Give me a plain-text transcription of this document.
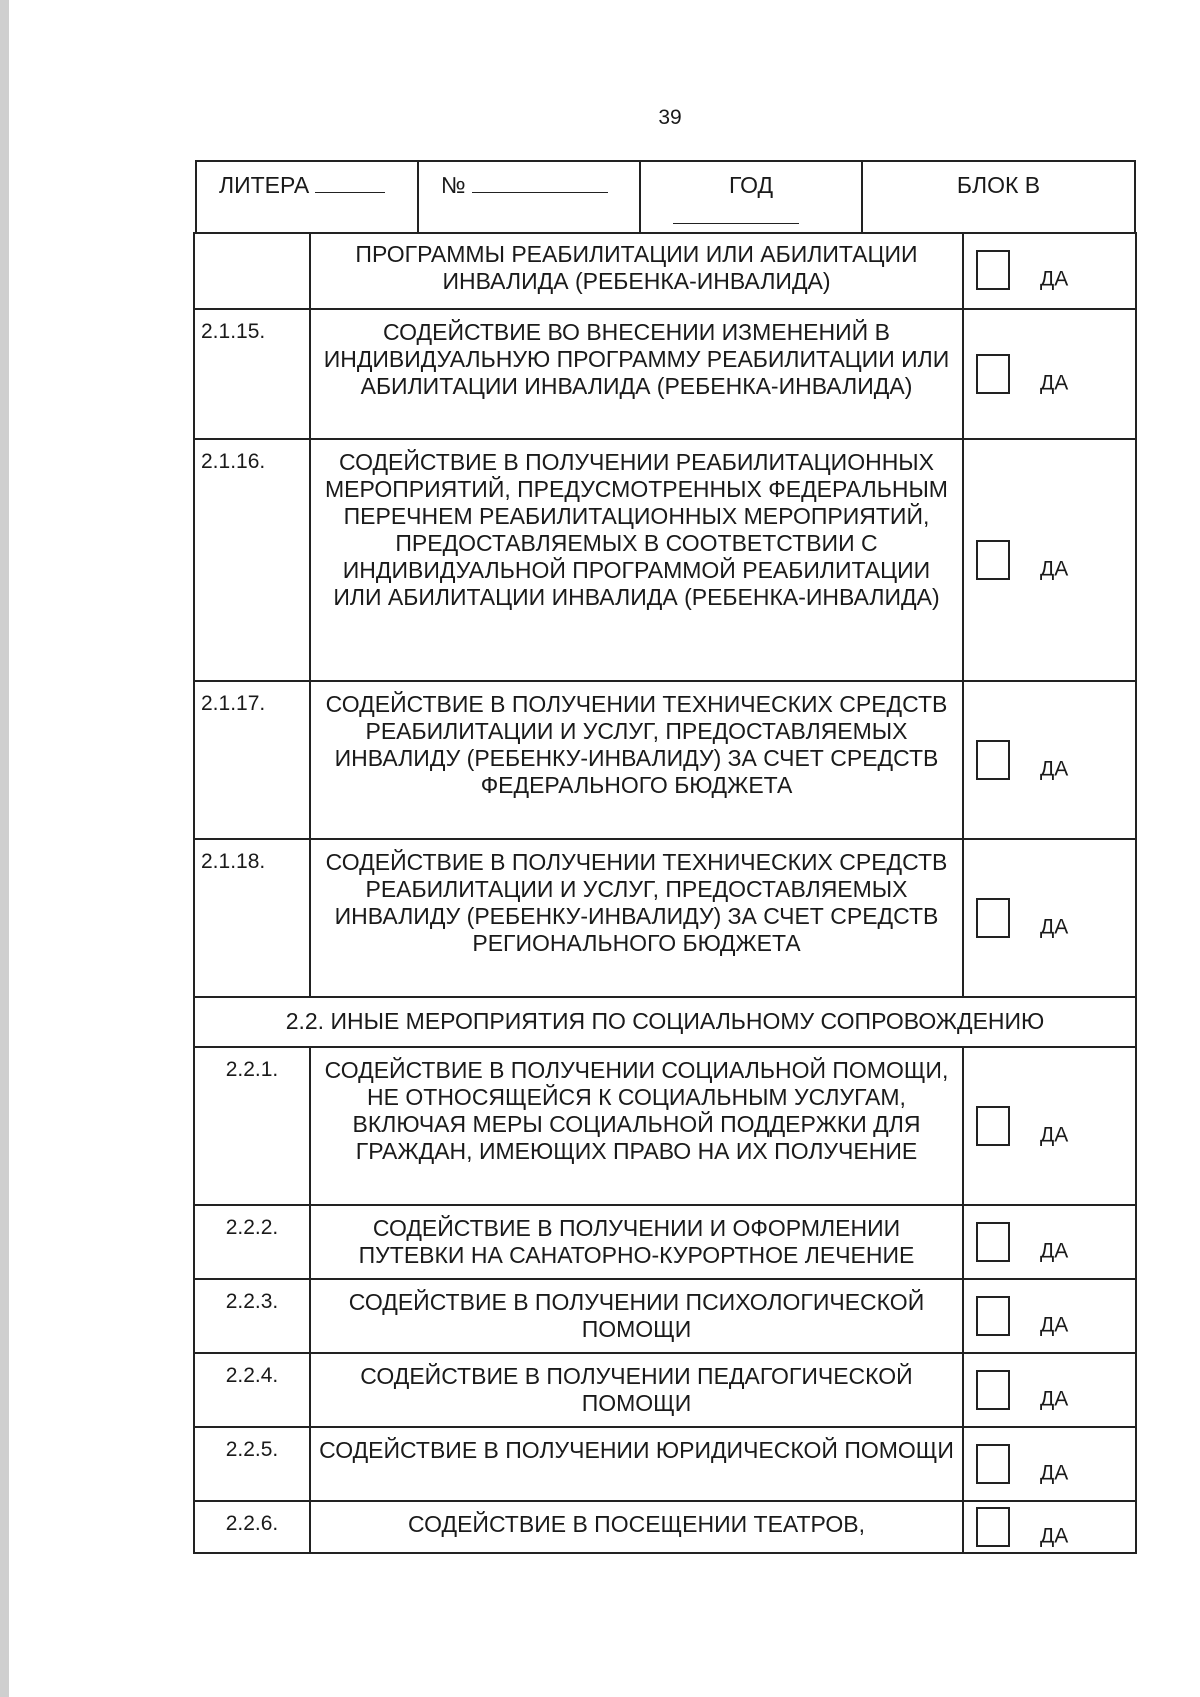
39
ЛИТЕРА	№	ГОД	БЛОК В
ПРОГРАММЫ РЕАБИЛИТАЦИИ ИЛИ АБИЛИТАЦИИ ИНВАЛИДА (РЕБЕНКА-ИНВАЛИДА)	ДА
2.1.15.	СОДЕЙСТВИЕ ВО ВНЕСЕНИИ ИЗМЕНЕНИЙ В ИНДИВИДУАЛЬНУЮ ПРОГРАММУ РЕАБИЛИТАЦИИ ИЛИ АБИЛИТАЦИИ ИНВАЛИДА (РЕБЕНКА-ИНВАЛИДА)	ДА
2.1.16.	СОДЕЙСТВИЕ В ПОЛУЧЕНИИ РЕАБИЛИТАЦИОННЫХ МЕРОПРИЯТИЙ, ПРЕДУСМОТРЕННЫХ ФЕДЕРАЛЬНЫМ ПЕРЕЧНЕМ РЕАБИЛИТАЦИОННЫХ МЕРОПРИЯТИЙ, ПРЕДОСТАВЛЯЕМЫХ В СООТВЕТСТВИИ С ИНДИВИДУАЛЬНОЙ ПРОГРАММОЙ РЕАБИЛИТАЦИИ ИЛИ АБИЛИТАЦИИ ИНВАЛИДА (РЕБЕНКА-ИНВАЛИДА)
ДА
2.1.17.	СОДЕЙСТВИЕ В ПОЛУЧЕНИИ ТЕХНИЧЕСКИХ СРЕДСТВ РЕАБИЛИТАЦИИ И УСЛУГ, ПРЕДОСТАВЛЯЕМЫХ ИНВАЛИДУ (РЕБЕНКУ-ИНВАЛИДУ) ЗА СЧЕТ СРЕДСТВ ФЕДЕРАЛЬНОГО БЮДЖЕТА
ДА
2.1.18.	СОДЕЙСТВИЕ В ПОЛУЧЕНИИ ТЕХНИЧЕСКИХ СРЕДСТВ РЕАБИЛИТАЦИИ И УСЛУГ, ПРЕДОСТАВЛЯЕМЫХ ИНВАЛИДУ (РЕБЕНКУ-ИНВАЛИДУ) ЗА СЧЕТ СРЕДСТВ РЕГИОНАЛЬНОГО БЮДЖЕТА
ДА
2.2. ИНЫЕ МЕРОПРИЯТИЯ ПО СОЦИАЛЬНОМУ СОПРОВОЖДЕНИЮ
2.2.1.	СОДЕЙСТВИЕ В ПОЛУЧЕНИИ СОЦИАЛЬНОЙ ПОМОЩИ, НЕ ОТНОСЯЩЕЙСЯ К СОЦИАЛЬНЫМ УСЛУГАМ, ВКЛЮЧАЯ МЕРЫ СОЦИАЛЬНОЙ ПОДДЕРЖКИ ДЛЯ ГРАЖДАН, ИМЕЮЩИХ ПРАВО НА ИХ ПОЛУЧЕНИЕ
ДА
2.2.2.	СОДЕЙСТВИЕ В ПОЛУЧЕНИИ И ОФОРМЛЕНИИ ПУТЕВКИ НА САНАТОРНО-КУРОРТНОЕ ЛЕЧЕНИЕ	ДА
2.2.3.	СОДЕЙСТВИЕ В ПОЛУЧЕНИИ ПСИХОЛОГИЧЕСКОЙ ПОМОЩИ	ДА
2.2.4.	СОДЕЙСТВИЕ В ПОЛУЧЕНИИ ПЕДАГОГИЧЕСКОЙ ПОМОЩИ	ДА
2.2.5.	СОДЕЙСТВИЕ В ПОЛУЧЕНИИ ЮРИДИЧЕСКОЙ ПОМОЩИ
ДА
2.2.6.	СОДЕЙСТВИЕ В ПОСЕЩЕНИИ ТЕАТРОВ,	ДА
